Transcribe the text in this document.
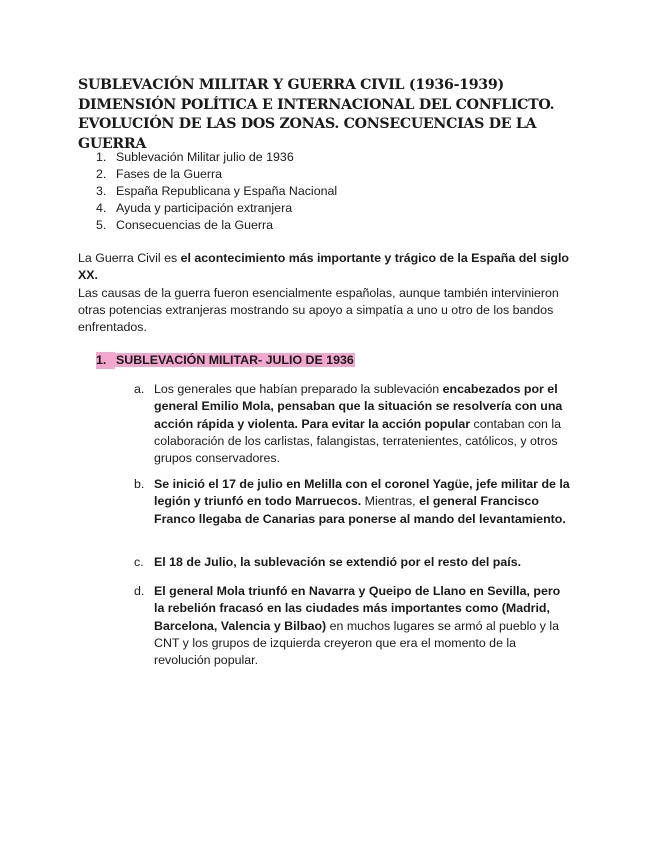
SUBLEVACIÓN MILITAR Y GUERRA CIVIL (1936-1939) DIMENSIÓN POLÍTICA E INTERNACIONAL DEL CONFLICTO. EVOLUCIÓN DE LAS DOS ZONAS. CONSECUENCIAS DE LA GUERRA
1. Sublevación Militar julio de 1936
2. Fases de la Guerra
3. España Republicana y España Nacional
4. Ayuda y participación extranjera
5. Consecuencias de la Guerra

La Guerra Civil es el acontecimiento más importante y trágico de la España del siglo XX.

Las causas de la guerra fueron esencialmente españolas, aunque también intervinieron otras potencias extranjeras mostrando su apoyo a simpatía a uno u otro de los bandos enfrentados.

1. SUBLEVACIÓN MILITAR- JULIO DE 1936
a. Los generales que habían preparado la sublevación encabezados por el general Emilio Mola, pensaban que la situación se resolvería con una acción rápida y violenta. Para evitar la acción popular contaban con la colaboración de los carlistas, falangistas, terratenientes, católicos, y otros grupos conservadores.

b. Se inició el 17 de julio en Melilla con el coronel Yagüe, jefe militar de la legión y triunfó en todo Marruecos. Mientras, el general Francisco Franco llegaba de Canarias para ponerse al mando del levantamiento.

c. El 18 de Julio, la sublevación se extendió por el resto del país.

d. El general Mola triunfó en Navarra y Queipo de Llano en Sevilla, pero la rebelión fracasó en las ciudades más importantes como (Madrid, Barcelona, Valencia y Bilbao) en muchos lugares se armó al pueblo y la CNT y los grupos de izquierda creyeron que era el momento de la revolución popular.
